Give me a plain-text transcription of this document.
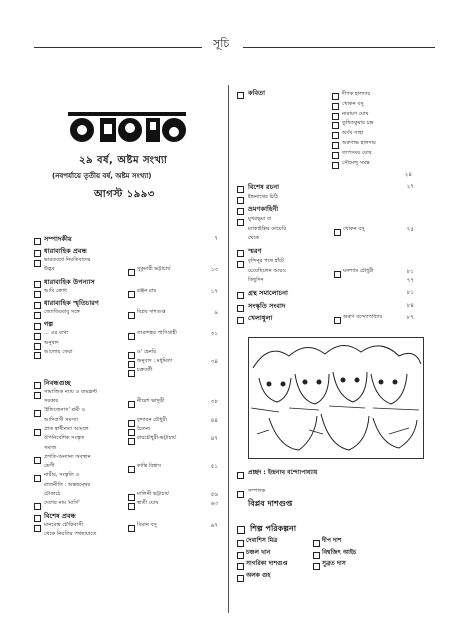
সূচি
২৯ বর্ষ, অষ্টম সংখ্যা
(নবপর্যায়ে তৃতীয় বর্ষ, অষ্টম সংখ্যা)
আগস্ট ১৯৯৩
সম্পাদকীয়	৭
ধারাবাহিক প্রবন্ধ
ভারতবর্ষে নিয়তিবাদের
উদ্ভব	সুকুমারী ভট্টাচার্য	১৩
ধারাবাহিক উপন্যাস
আমি ক্রোধ	রঞ্জন রায়	১৭
ধারাবাহিক স্মৃতিচারণ
জ্যোতিরবাবু সঙ্গে	বিপ্লব দাশগুপ্ত	৯
গল্প
... এর ব্যথা	তারাশঙ্কর পাণিগ্রাহী	৩১
অনুবাদ
আলোয় ফেরা	ও' হেনরি
অনুবাদ : মধুমিতা	৩৪
চক্রবর্তী
নিবন্ধগুচ্ছ
সামাজিক ন্যায় ও বামফ্রন্ট
সরকার	নীরেশ ভাদুড়ী	৩৮
'ইন্ডিজেনাস' শ্রমী ও
আদিবাসী সমস্যা	বৃন্দাবন চৌধুরী	৪৪
প্রাক স্বাধীনতা আমলে	চৈতন্য
ঔপনিবেশিক সংস্কৃত	রায়চৌধুরী-ভট্টাচার্য	৪৭
সমাজ
প্রগতি-অন্যান্য অবস্থান
শ্রেণী	কান্তি বিশ্বাস	৫১
নারীর, সংস্কৃতি ও
রাজনীতি : অন্তদ্বন্দ্বের
চৌকাঠে	মালিনী ভট্টাচার্য	৫৬
দেশের নাম 'মার্সি'	স্বাতী ঘোষ	৬৩
বিশেষ প্রবন্ধ
মানবেন্দ্র চৌকিবাসী	বিমান বসু	৬৭
থেকে নিয়তির পথছায়াতে
কবিতা	দীপক হালদার
খোকন বসু
নারায়ণ ঘোষ
তুষিতকুমার চন্দ্র
অর্ণব সাহা
অরুণাভ হালদার
তাপসময় ঘোষ
সৌমেন্দু সমন্ত
২৪
বিশেষ রচনা	২৭
ইন্দ্রনাথের চিঠি
ভ্রমণকাহিনী
মুখরভূমা বা
ম্যাকাইল্লির ডায়েরি	খোকন বসু	৭৫
থেকে
স্মরণ
বৃন্দিনূর পথে হাঁটে
চেয়েছিলেন আরও	ঘনশ্যাম চৌধুরী	৮১
কিছুদিন	৭৭
গ্রন্থ সমালোচনা	৮১
সংস্কৃতি সংবাদ	৮৪
খেলাধুলা	অরুণ বন্দ্যোপাধ্যায়	৮৭
প্রচ্ছদ : ইন্দ্রনাথ বন্দ্যোপাধ্যায়
সম্পাদক
বিপ্লব দাশগুপ্ত
শিল্প পরিকল্পনা
দেবাশিস মিত্র	দীপ দাশ
চঞ্চল খান	বিশ্বজিৎ আইচ
সাগরিকা দাশগুপ্ত	সুব্রত দাস
অলক গুহ
